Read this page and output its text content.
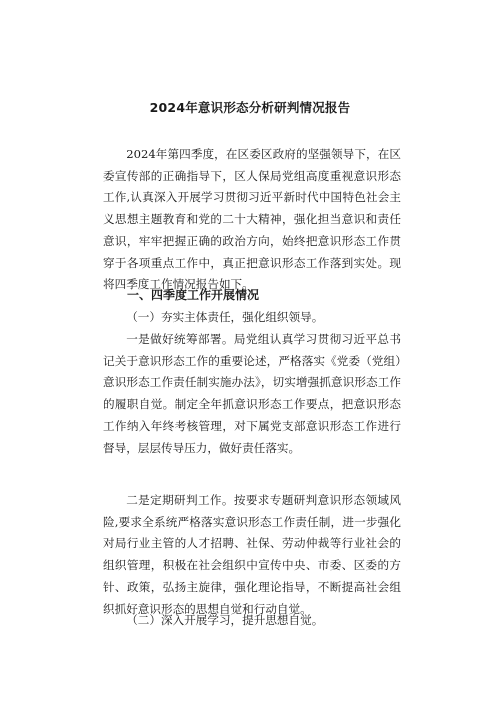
2024年意识形态分析研判情况报告

2024年第四季度，在区委区政府的坚强领导下，在区委宣传部的正确指导下，区人保局党组高度重视意识形态工作,认真深入开展学习贯彻习近平新时代中国特色社会主义思想主题教育和党的二十大精神，强化担当意识和责任意识，牢牢把握正确的政治方向，始终把意识形态工作贯穿于各项重点工作中，真正把意识形态工作落到实处。现将四季度工作情况报告如下。

一、四季度工作开展情况

（一）夯实主体责任，强化组织领导。

一是做好统筹部署。局党组认真学习贯彻习近平总书记关于意识形态工作的重要论述，严格落实《党委（党组）意识形态工作责任制实施办法》，切实增强抓意识形态工作的履职自觉。制定全年抓意识形态工作要点，把意识形态工作纳入年终考核管理，对下属党支部意识形态工作进行督导，层层传导压力，做好责任落实。

二是定期研判工作。按要求专题研判意识形态领域风险,要求全系统严格落实意识形态工作责任制，进一步强化对局行业主管的人才招聘、社保、劳动仲裁等行业社会的组织管理，积极在社会组织中宣传中央、市委、区委的方针、政策，弘扬主旋律，强化理论指导，不断提高社会组织抓好意识形态的思想自觉和行动自觉。

（二）深入开展学习，提升思想自觉。
